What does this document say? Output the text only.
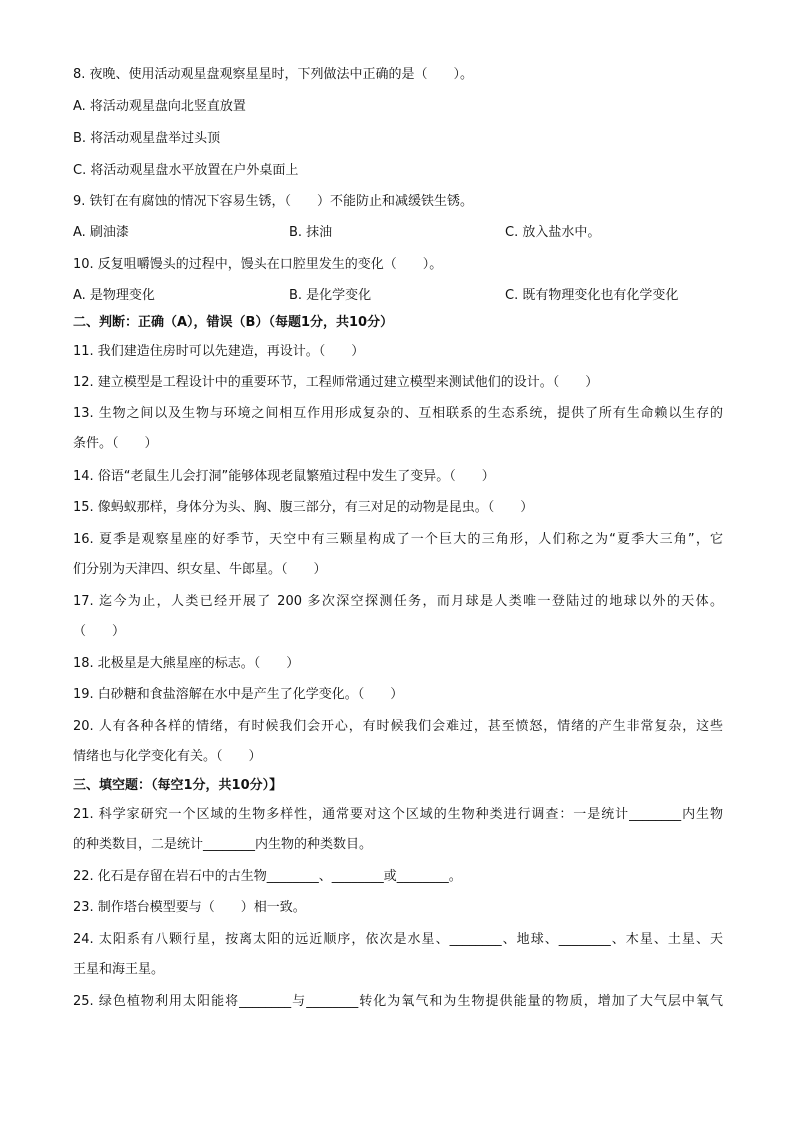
8. 夜晚、使用活动观星盘观察星星时，下列做法中正确的是（　　）。
A. 将活动观星盘向北竖直放置
B. 将活动观星盘举过头顶
C. 将活动观星盘水平放置在户外桌面上
9. 铁钉在有腐蚀的情况下容易生锈，（　　）不能防止和减缓铁生锈。
A. 刷油漆	B. 抹油	C. 放入盐水中。
10. 反复咀嚼馒头的过程中，馒头在口腔里发生的变化（　　）。
A. 是物理变化	B. 是化学变化	C. 既有物理变化也有化学变化
二、判断：正确（A），错误（B）（每题1分，共10分）
11. 我们建造住房时可以先建造，再设计。（　　）
12. 建立模型是工程设计中的重要环节，工程师常通过建立模型来测试他们的设计。（　　）
13. 生物之间以及生物与环境之间相互作用形成复杂的、互相联系的生态系统，提供了所有生命赖以生存的
条件。（　　）
14. 俗语“老鼠生儿会打洞”能够体现老鼠繁殖过程中发生了变异。（　　）
15. 像蚂蚁那样，身体分为头、胸、腹三部分，有三对足的动物是昆虫。（　　）
16. 夏季是观察星座的好季节，天空中有三颗星构成了一个巨大的三角形，人们称之为“夏季大三角”，它
们分别为天津四、织女星、牛郎星。（　　）
17. 迄今为止，人类已经开展了 200 多次深空探测任务，而月球是人类唯一登陆过的地球以外的天体。
（　　）
18. 北极星是大熊星座的标志。（　　）
19. 白砂糖和食盐溶解在水中是产生了化学变化。（　　）
20. 人有各种各样的情绪，有时候我们会开心，有时候我们会难过，甚至愤怒，情绪的产生非常复杂，这些
情绪也与化学变化有关。（　　）
三、填空题：（每空1分，共10分）】
21. 科学家研究一个区域的生物多样性，通常要对这个区域的生物种类进行调查：一是统计________内生物
的种类数目，二是统计________内生物的种类数目。
22. 化石是存留在岩石中的古生物________、________或________。
23. 制作塔台模型要与（　　）相一致。
24. 太阳系有八颗行星，按离太阳的远近顺序，依次是水星、________、地球、________、木星、土星、天
王星和海王星。
25. 绿色植物利用太阳能将________与________转化为氧气和为生物提供能量的物质，增加了大气层中氧气
